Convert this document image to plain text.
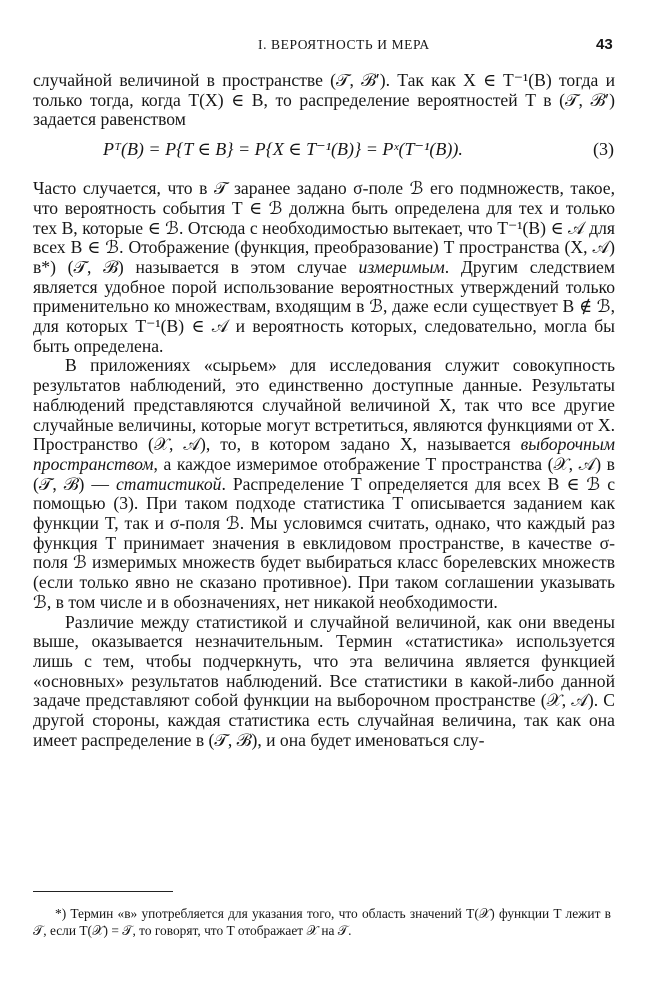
I. ВЕРОЯТНОСТЬ И МЕРА	43

случайной величиной в пространстве (𝒯, ℬ′). Так как X ∈ T⁻¹(B) тогда и только тогда, когда T(X) ∈ B, то распределение вероятностей T в (𝒯, ℬ′) задается равенством

Pᵀ(B) = P{T ∈ B} = P{X ∈ T⁻¹(B)} = Pˣ(T⁻¹(B)).	(3)

Часто случается, что в 𝒯 заранее задано σ-поле ℬ его подмножеств, такое, что вероятность события T ∈ ℬ должна быть определена для тех и только тех B, которые ∈ ℬ. Отсюда с необходимостью вытекает, что T⁻¹(B) ∈ 𝒜 для всех B ∈ ℬ. Отображение (функция, преобразование) T пространства (X, 𝒜) в*) (𝒯, ℬ) называется в этом случае измеримым. Другим следствием является удобное порой использование вероятностных утверждений только применительно ко множествам, входящим в ℬ, даже если существует B ∉ ℬ, для которых T⁻¹(B) ∈ 𝒜 и вероятность которых, следовательно, могла бы быть определена.

В приложениях «сырьем» для исследования служит совокупность результатов наблюдений, это единственно доступные данные. Результаты наблюдений представляются случайной величиной X, так что все другие случайные величины, которые могут встретиться, являются функциями от X. Пространство (𝒳, 𝒜), то, в котором задано X, называется выборочным пространством, а каждое измеримое отображение T пространства (𝒳, 𝒜) в (𝒯, ℬ) — статистикой. Распределение T определяется для всех B ∈ ℬ с помощью (3). При таком подходе статистика T описывается заданием как функции T, так и σ-поля ℬ. Мы условимся считать, однако, что каждый раз функция T принимает значения в евклидовом пространстве, в качестве σ-поля ℬ измеримых множеств будет выбираться класс борелевских множеств (если только явно не сказано противное). При таком соглашении указывать ℬ, в том числе и в обозначениях, нет никакой необходимости.

Различие между статистикой и случайной величиной, как они введены выше, оказывается незначительным. Термин «статистика» используется лишь с тем, чтобы подчеркнуть, что эта величина является функцией «основных» результатов наблюдений. Все статистики в какой-либо данной задаче представляют собой функции на выборочном пространстве (𝒳, 𝒜). С другой стороны, каждая статистика есть случайная величина, так как она имеет распределение в (𝒯, ℬ), и она будет именоваться слу-

*) Термин «в» употребляется для указания того, что область значений T(𝒳) функции T лежит в 𝒯, если T(𝒳) = 𝒯, то говорят, что T отображает 𝒳 на 𝒯.
